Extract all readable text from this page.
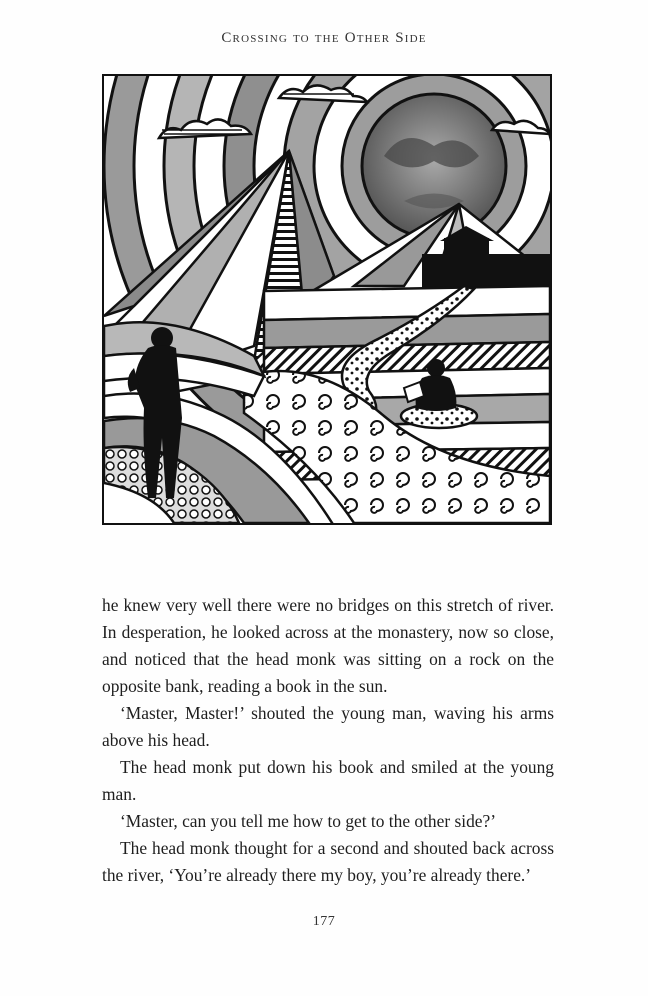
Crossing to the Other Side

he knew very well there were no bridges on this stretch of river. In desperation, he looked across at the monastery, now so close, and noticed that the head monk was sitting on a rock on the opposite bank, reading a book in the sun.

‘Master, Master!’ shouted the young man, waving his arms above his head.

The head monk put down his book and smiled at the young man.

‘Master, can you tell me how to get to the other side?’

The head monk thought for a second and shouted back across the river, ‘You’re already there my boy, you’re already there.’

177
